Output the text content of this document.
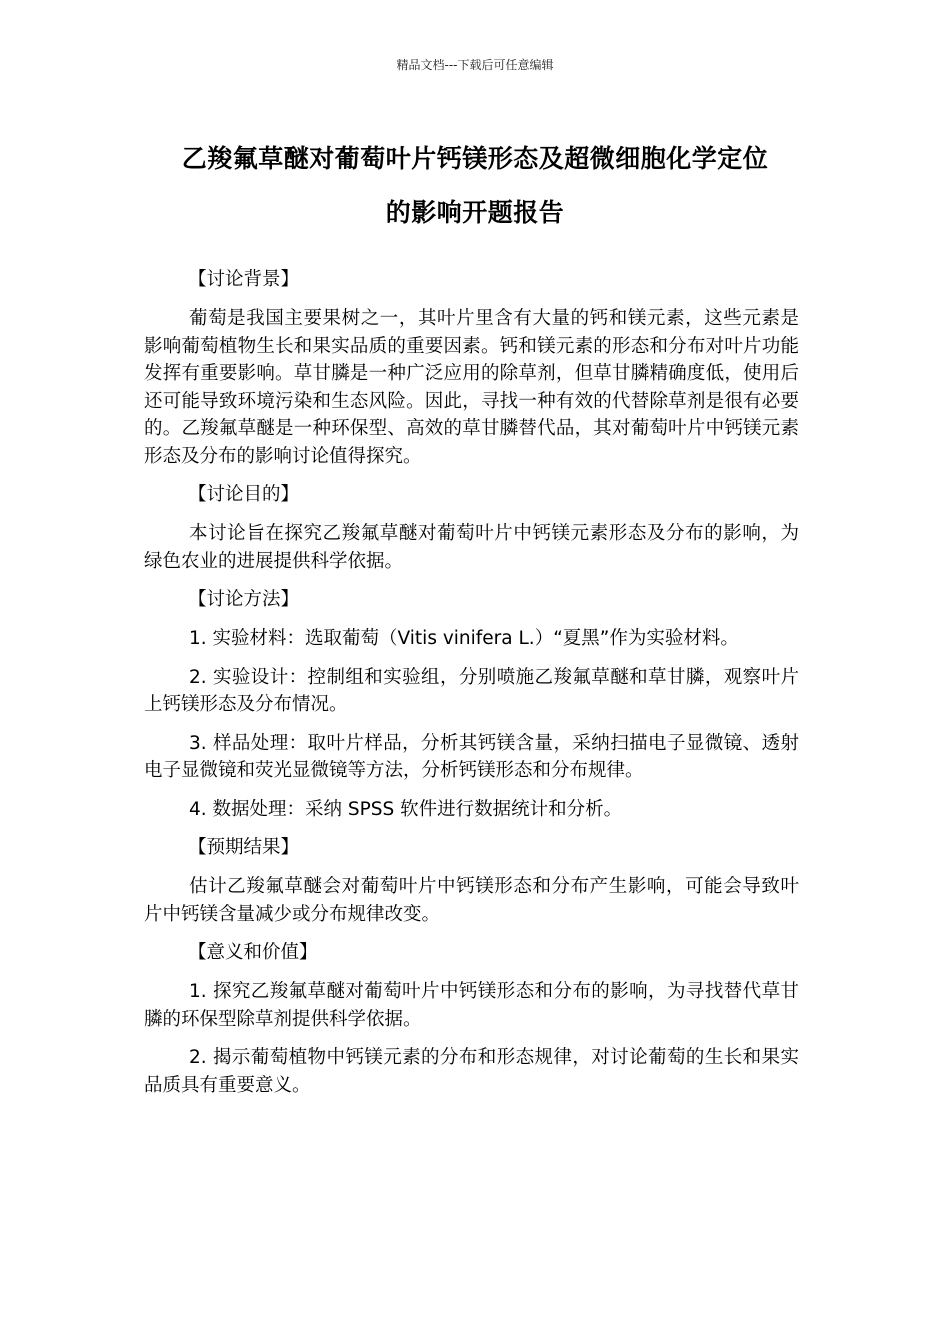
精品文档---下载后可任意编辑
乙羧氟草醚对葡萄叶片钙镁形态及超微细胞化学定位
的影响开题报告
【讨论背景】

葡萄是我国主要果树之一，其叶片里含有大量的钙和镁元素，这些元素是影响葡萄植物生长和果实品质的重要因素。钙和镁元素的形态和分布对叶片功能发挥有重要影响。草甘膦是一种广泛应用的除草剂，但草甘膦精确度低，使用后还可能导致环境污染和生态风险。因此，寻找一种有效的代替除草剂是很有必要的。乙羧氟草醚是一种环保型、高效的草甘膦替代品，其对葡萄叶片中钙镁元素形态及分布的影响讨论值得探究。

【讨论目的】

本讨论旨在探究乙羧氟草醚对葡萄叶片中钙镁元素形态及分布的影响，为绿色农业的进展提供科学依据。

【讨论方法】

1. 实验材料：选取葡萄（Vitis vinifera L.）“夏黑”作为实验材料。

2. 实验设计：控制组和实验组，分别喷施乙羧氟草醚和草甘膦，观察叶片上钙镁形态及分布情况。

3. 样品处理：取叶片样品，分析其钙镁含量，采纳扫描电子显微镜、透射电子显微镜和荧光显微镜等方法，分析钙镁形态和分布规律。

4. 数据处理：采纳 SPSS 软件进行数据统计和分析。

【预期结果】

估计乙羧氟草醚会对葡萄叶片中钙镁形态和分布产生影响，可能会导致叶片中钙镁含量减少或分布规律改变。

【意义和价值】

1. 探究乙羧氟草醚对葡萄叶片中钙镁形态和分布的影响，为寻找替代草甘膦的环保型除草剂提供科学依据。

2. 揭示葡萄植物中钙镁元素的分布和形态规律，对讨论葡萄的生长和果实品质具有重要意义。
